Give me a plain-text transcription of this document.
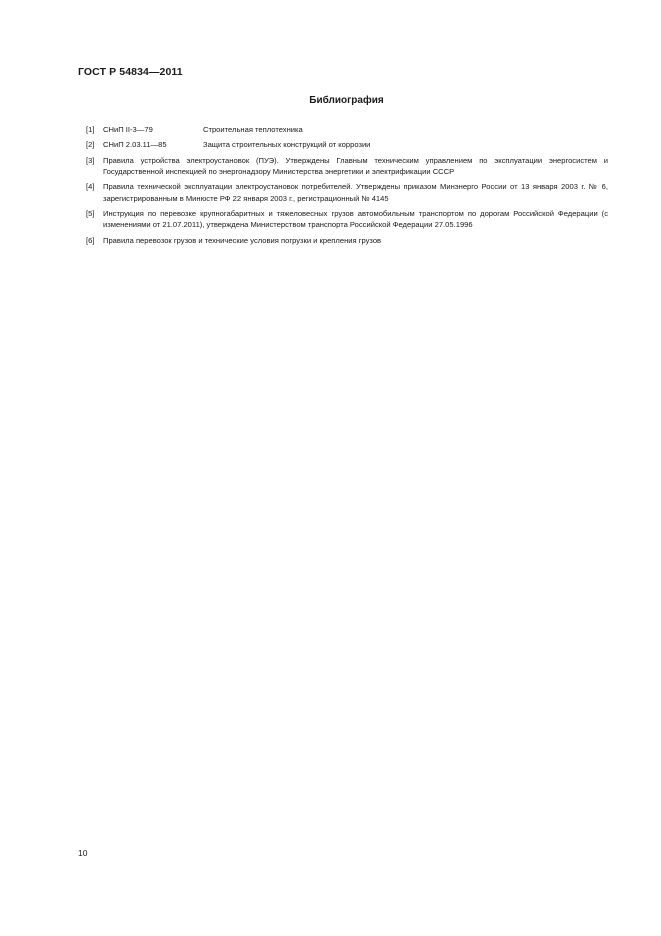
ГОСТ Р 54834—2011
Библиография
[1]	СНиП II-3—79	Строительная теплотехника
[2]	СНиП 2.03.11—85	Защита строительных конструкций от коррозии
[3]	Правила устройства электроустановок (ПУЭ). Утверждены Главным техническим управлением по эксплуатации энергосистем и Государственной инспекцией по энергонадзору Министерства энергетики и электрификации СССР
[4]	Правила технической эксплуатации электроустановок потребителей. Утверждены приказом Минэнерго России от 13 января 2003 г. № 6, зарегистрированным в Минюсте РФ 22 января 2003 г., регистрационный № 4145
[5]	Инструкция по перевозке крупногабаритных и тяжеловесных грузов автомобильным транспортом по дорогам Российской Федерации (с изменениями от 21.07.2011), утверждена Министерством транспорта Российской Федерации 27.05.1996
[6]	Правила перевозок грузов и технические условия погрузки и крепления грузов
10
